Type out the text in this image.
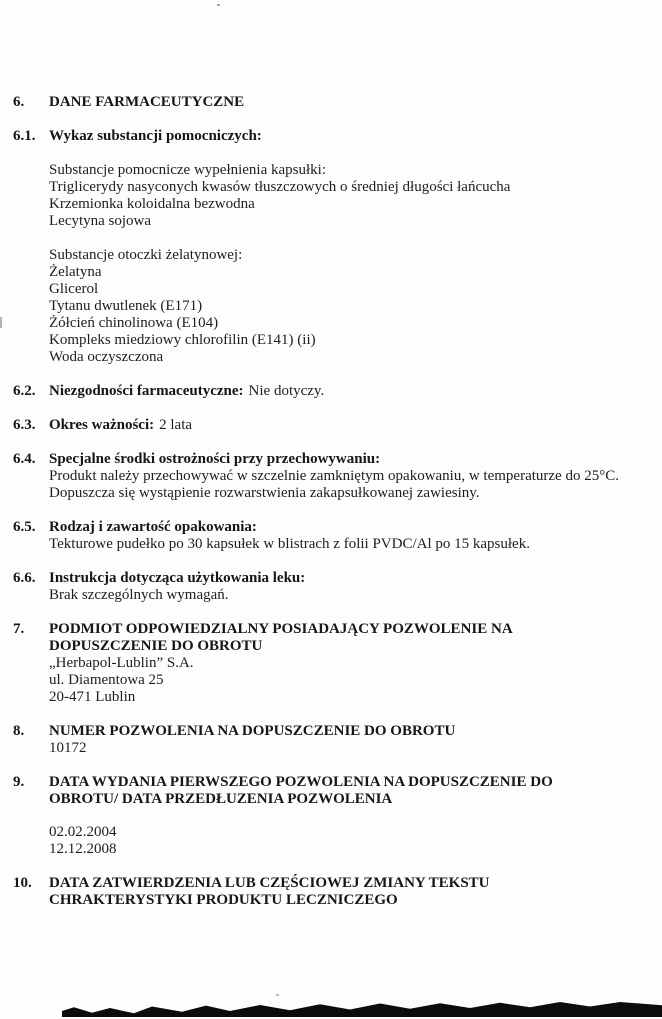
6.	DANE FARMACEUTYCZNE
6.1. Wykaz substancji pomocniczych:
Substancje pomocnicze wypełnienia kapsułki:
Triglicerydy nasyconych kwasów tłuszczowych o średniej długości łańcucha
Krzemionka koloidalna bezwodna
Lecytyna sojowa
Substancje otoczki żelatynowej:
Żelatyna
Glicerol
Tytanu dwutlenek (E171)
Żółcień chinolinowa (E104)
Kompleks miedziowy chlorofilin (E141) (ii)
Woda oczyszczona
6.2. Niezgodności farmaceutyczne: Nie dotyczy.
6.3. Okres ważności: 2 lata
6.4. Specjalne środki ostrożności przy przechowywaniu:
Produkt należy przechowywać w szczelnie zamkniętym opakowaniu, w temperaturze do 25°C.
Dopuszcza się wystąpienie rozwarstwienia zakapsułkowanej zawiesiny.
6.5. Rodzaj i zawartość opakowania:
Tekturowe pudełko po 30 kapsułek w blistrach z folii PVDC/Al po 15 kapsułek.
6.6. Instrukcja dotycząca użytkowania leku:
Brak szczególnych wymagań.
7.	PODMIOT ODPOWIEDZIALNY POSIADAJĄCY POZWOLENIE NA
DOPUSZCZENIE DO OBROTU
„Herbapol-Lublin” S.A.
ul. Diamentowa 25
20-471 Lublin
8.	NUMER POZWOLENIA NA DOPUSZCZENIE DO OBROTU
10172
9.	DATA WYDANIA PIERWSZEGO POZWOLENIA NA DOPUSZCZENIE DO
OBROTU/ DATA PRZEDŁUZENIA POZWOLENIA
02.02.2004
12.12.2008
10.	DATA ZATWIERDZENIA LUB CZĘŚCIOWEJ ZMIANY TEKSTU
CHRAKTERYSTYKI PRODUKTU LECZNICZEGO
